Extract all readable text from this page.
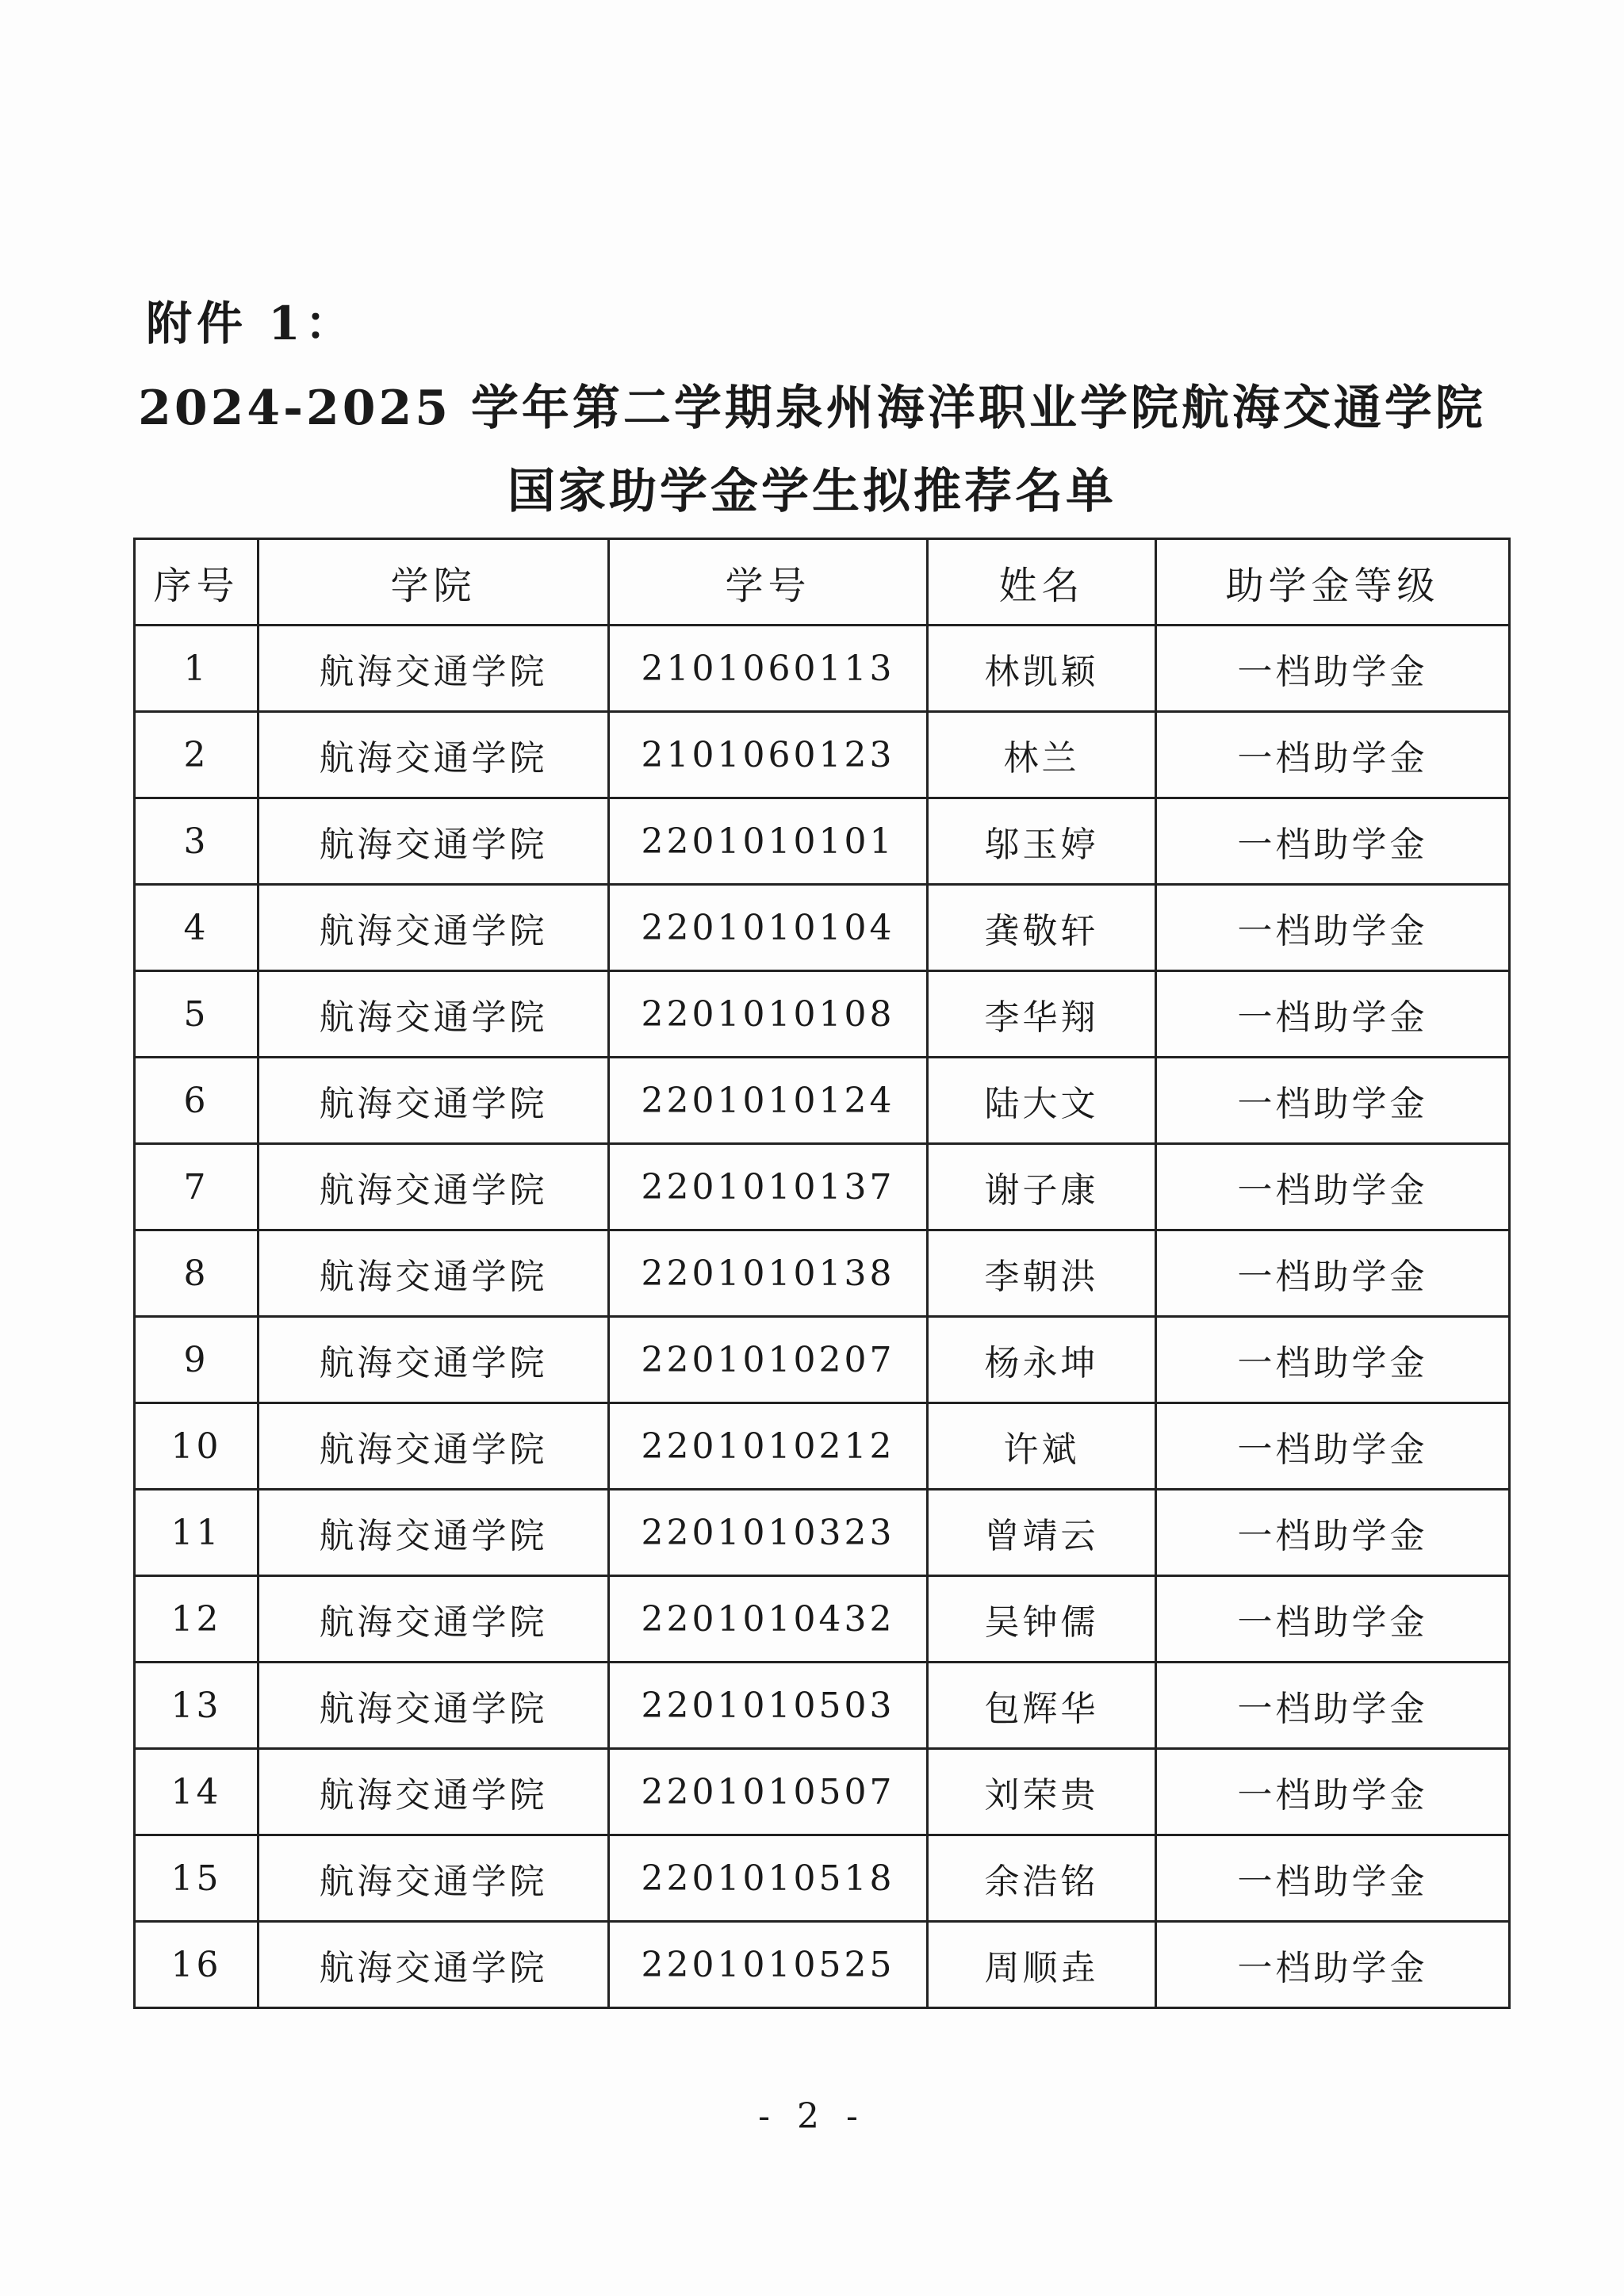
附件 1：
2024-2025 学年第二学期泉州海洋职业学院航海交通学院
国家助学金学生拟推荐名单
序号	学院	学号	姓名	助学金等级
1	航海交通学院	2101060113	林凯颖	一档助学金
2	航海交通学院	2101060123	林兰	一档助学金
3	航海交通学院	2201010101	邬玉婷	一档助学金
4	航海交通学院	2201010104	龚敬轩	一档助学金
5	航海交通学院	2201010108	李华翔	一档助学金
6	航海交通学院	2201010124	陆大文	一档助学金
7	航海交通学院	2201010137	谢子康	一档助学金
8	航海交通学院	2201010138	李朝洪	一档助学金
9	航海交通学院	2201010207	杨永坤	一档助学金
10	航海交通学院	2201010212	许斌	一档助学金
11	航海交通学院	2201010323	曾靖云	一档助学金
12	航海交通学院	2201010432	吴钟儒	一档助学金
13	航海交通学院	2201010503	包辉华	一档助学金
14	航海交通学院	2201010507	刘荣贵	一档助学金
15	航海交通学院	2201010518	余浩铭	一档助学金
16	航海交通学院	2201010525	周顺垚	一档助学金
- 2 -
